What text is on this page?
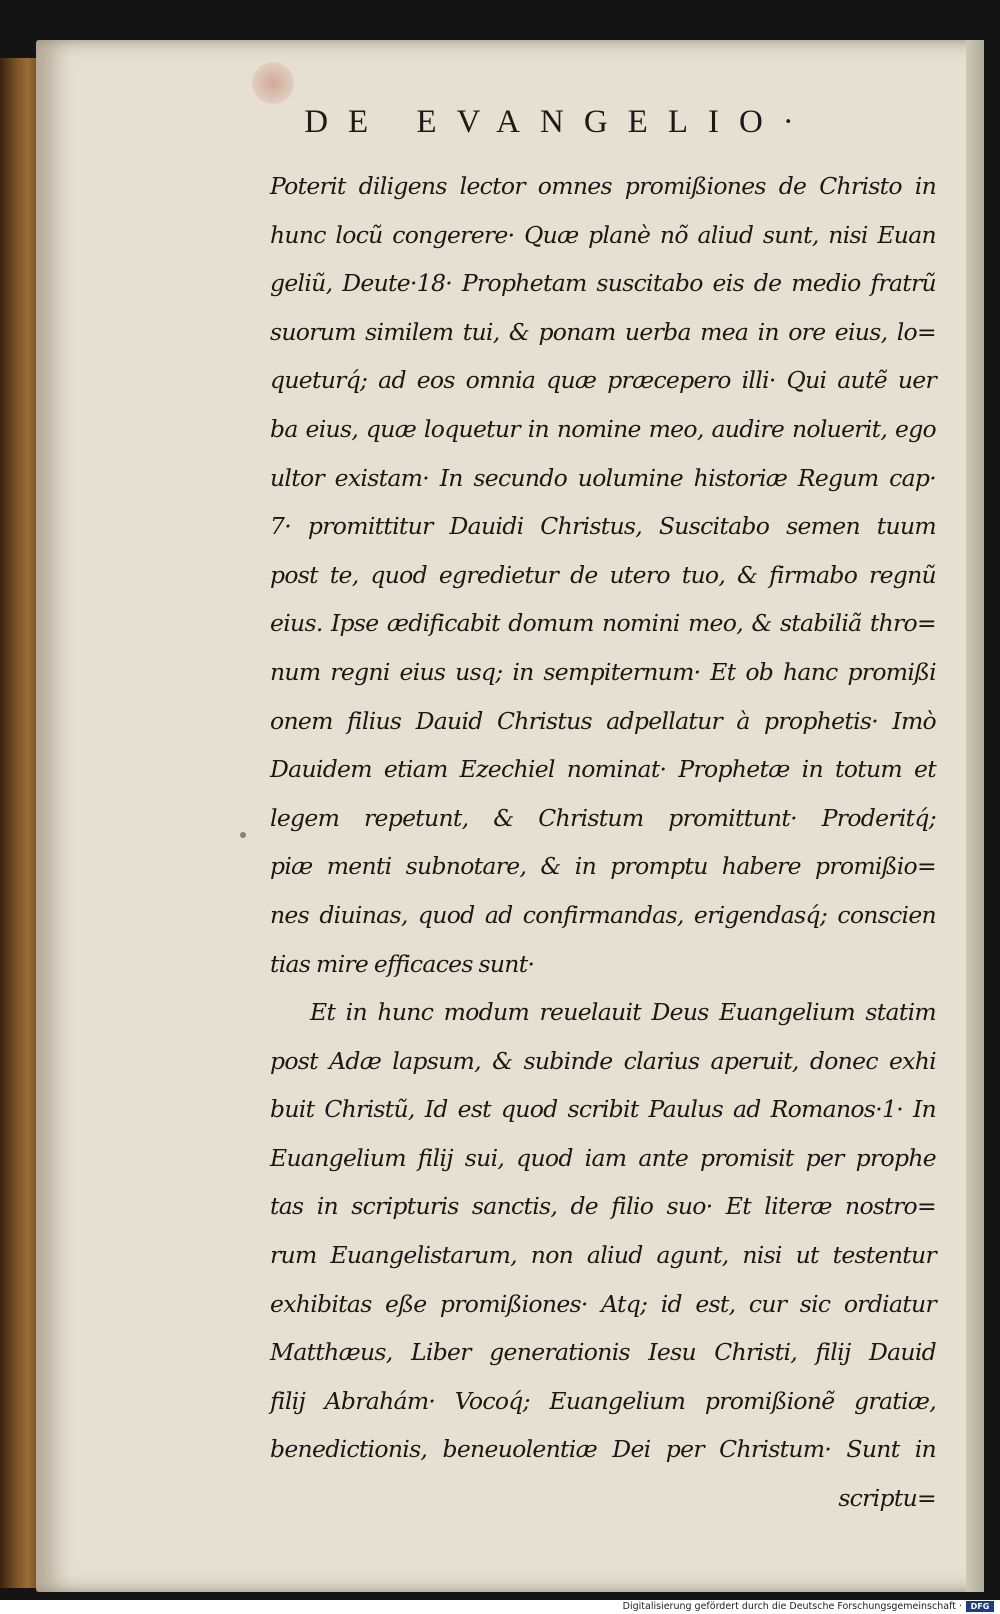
DE EVANGELIO·
Poterit diligens lector omnes promißiones de Christo in
hunc locũ congerere· Quæ planè nõ aliud sunt, nisi Euan
geliũ, Deute·18· Prophetam suscitabo eis de medio fratrũ
suorum similem tui, & ponam uerba mea in ore eius, lo=
queturq́; ad eos omnia quæ præcepero illi· Qui autẽ uer
ba eius, quæ loquetur in nomine meo, audire noluerit, ego
ultor existam· In secundo uolumine historiæ Regum cap·
7· promittitur Dauidi Christus, Suscitabo semen tuum
post te, quod egredietur de utero tuo, & firmabo regnũ
eius. Ipse ædificabit domum nomini meo, & stabiliã thro=
num regni eius usq; in sempiternum· Et ob hanc promißi
onem filius Dauid Christus adpellatur à prophetis· Imò
Dauidem etiam Ezechiel nominat· Prophetæ in totum et
legem repetunt, & Christum promittunt· Proderitq́;
piæ menti subnotare, & in promptu habere promißio=
nes diuinas, quod ad confirmandas, erigendasq́; conscien
tias mire efficaces sunt·
Et in hunc modum reuelauit Deus Euangelium statim
post Adæ lapsum, & subinde clarius aperuit, donec exhi
buit Christũ, Id est quod scribit Paulus ad Romanos·1· In
Euangelium filij sui, quod iam ante promisit per prophe
tas in scripturis sanctis, de filio suo· Et literæ nostro=
rum Euangelistarum, non aliud agunt, nisi ut testentur
exhibitas eße promißiones· Atq; id est, cur sic ordiatur
Matthæus, Liber generationis Iesu Christi, filij Dauid
filij Abrahám· Vocoq́; Euangelium promißionẽ gratiæ,
benedictionis, beneuolentiæ Dei per Christum· Sunt in
scriptu=
Digitalisierung gefördert durch die Deutsche Forschungsgemeinschaft ·	DFG
